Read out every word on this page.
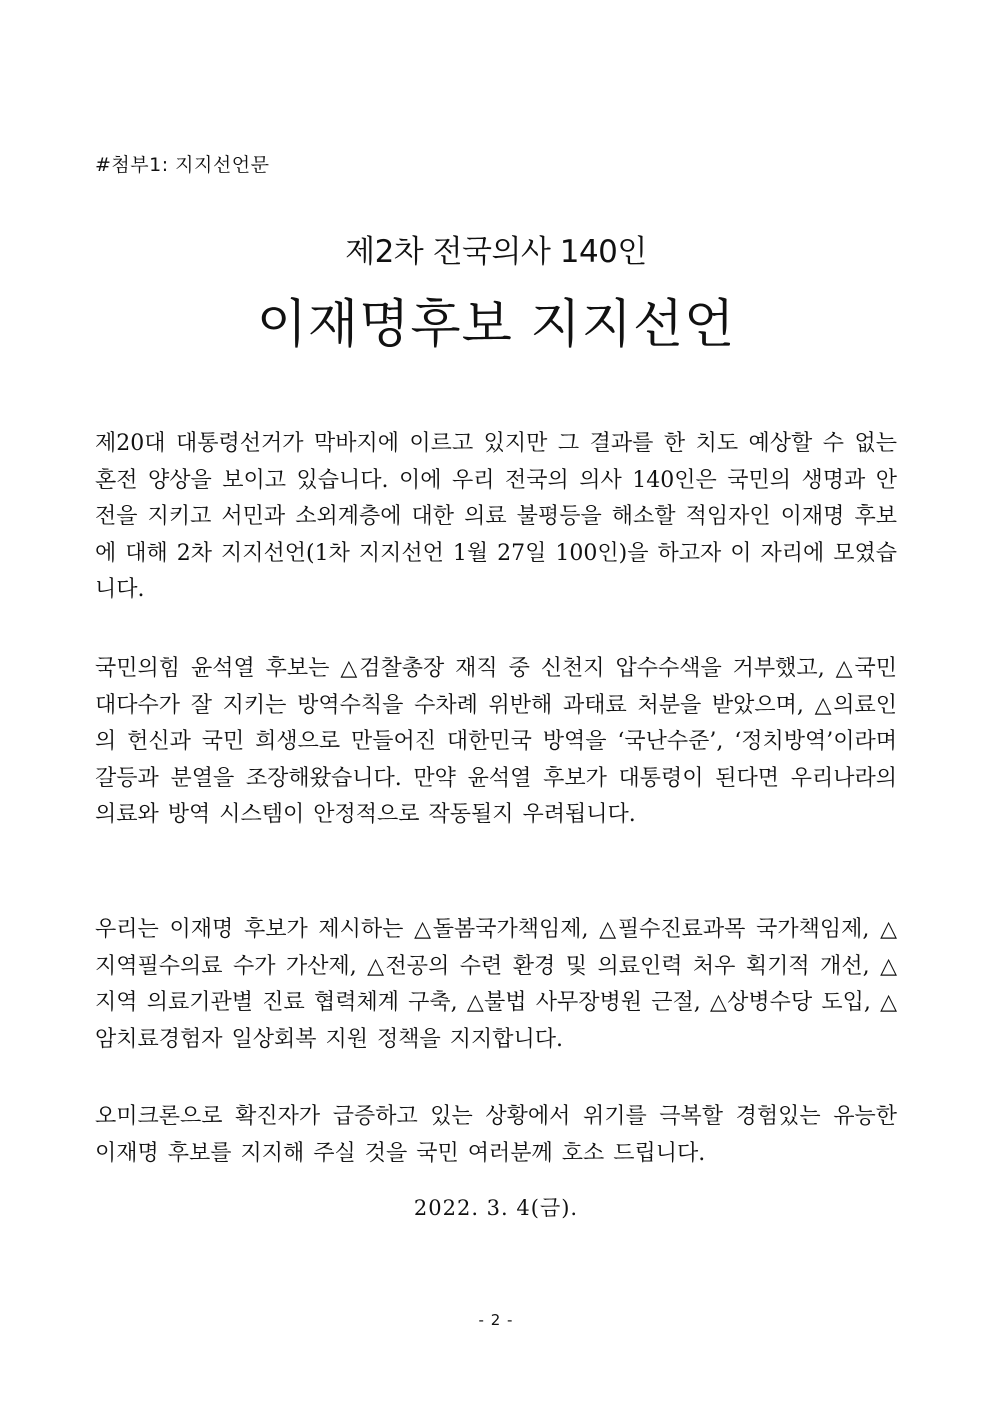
#첨부1: 지지선언문
제2차 전국의사 140인
이재명후보 지지선언

제20대 대통령선거가 막바지에 이르고 있지만 그 결과를 한 치도 예상할 수 없는 혼전 양상을 보이고 있습니다. 이에 우리 전국의 의사 140인은 국민의 생명과 안전을 지키고 서민과 소외계층에 대한 의료 불평등을 해소할 적임자인 이재명 후보에 대해 2차 지지선언(1차 지지선언 1월 27일 100인)을 하고자 이 자리에 모였습니다.

국민의힘 윤석열 후보는 △검찰총장 재직 중 신천지 압수수색을 거부했고, △국민 대다수가 잘 지키는 방역수칙을 수차례 위반해 과태료 처분을 받았으며, △의료인의 헌신과 국민 희생으로 만들어진 대한민국 방역을 ‘국난수준’, ‘정치방역’이라며 갈등과 분열을 조장해왔습니다. 만약 윤석열 후보가 대통령이 된다면 우리나라의 의료와 방역 시스템이 안정적으로 작동될지 우려됩니다.

우리는 이재명 후보가 제시하는 △돌봄국가책임제, △필수진료과목 국가책임제, △지역필수의료 수가 가산제, △전공의 수련 환경 및 의료인력 처우 획기적 개선, △지역 의료기관별 진료 협력체계 구축, △불법 사무장병원 근절, △상병수당 도입, △암치료경험자 일상회복 지원 정책을 지지합니다.

오미크론으로 확진자가 급증하고 있는 상황에서 위기를 극복할 경험있는 유능한 이재명 후보를 지지해 주실 것을 국민 여러분께 호소 드립니다.

2022. 3. 4(금).
- 2 -
